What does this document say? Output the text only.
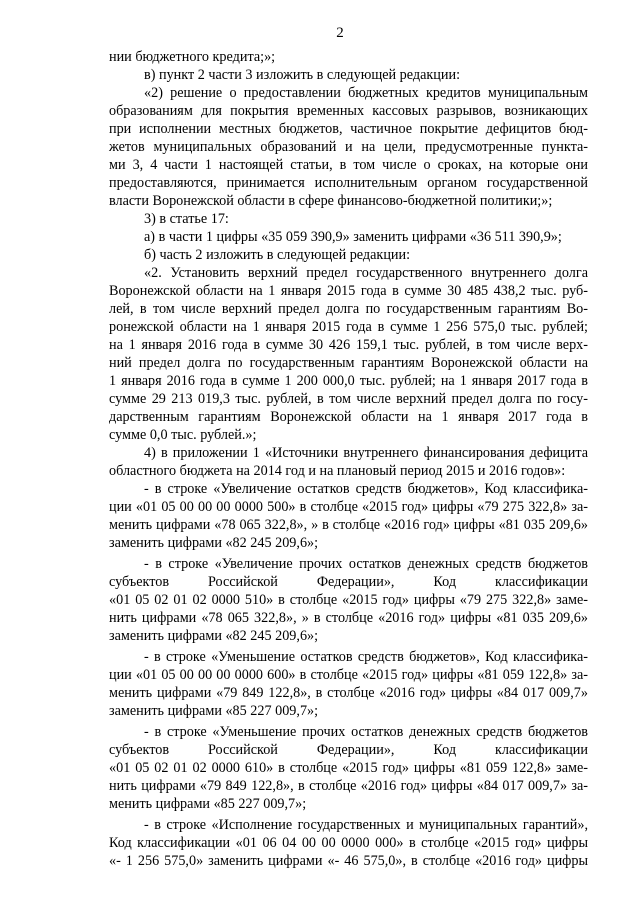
2
нии бюджетного кредита;»;
в) пункт 2 части 3 изложить в следующей редакции:
«2) решение о предоставлении бюджетных кредитов муниципальным
образованиям для покрытия временных кассовых разрывов, возникающих
при исполнении местных бюджетов, частичное покрытие дефицитов бюд-
жетов муниципальных образований и на цели, предусмотренные пункта-
ми 3, 4 части 1 настоящей статьи, в том числе о сроках, на которые они
предоставляются, принимается исполнительным органом государственной
власти Воронежской области в сфере финансово-бюджетной политики;»;
3) в статье 17:
а) в части 1 цифры «35 059 390,9» заменить цифрами «36 511 390,9»;
б) часть 2 изложить в следующей редакции:
«2. Установить верхний предел государственного внутреннего долга
Воронежской области на 1 января 2015 года в сумме 30 485 438,2 тыс. руб-
лей, в том числе верхний предел долга по государственным гарантиям Во-
ронежской области на 1 января 2015 года в сумме 1 256 575,0 тыс. рублей;
на 1 января 2016 года в сумме 30 426 159,1 тыс. рублей, в том числе верх-
ний предел долга по государственным гарантиям Воронежской области на
1 января 2016 года в сумме 1 200 000,0 тыс. рублей; на 1 января 2017 года в
сумме 29 213 019,3 тыс. рублей, в том числе верхний предел долга по госу-
дарственным гарантиям Воронежской области на 1 января 2017 года в
сумме 0,0 тыс. рублей.»;
4) в приложении 1 «Источники внутреннего финансирования дефицита
областного бюджета на 2014 год и на плановый период 2015 и 2016 годов»:
- в строке «Увеличение остатков средств бюджетов», Код классифика-
ции «01 05 00 00 00 0000 500» в столбце «2015 год» цифры «79 275 322,8» за-
менить цифрами «78 065 322,8», » в столбце «2016 год» цифры «81 035 209,6»
заменить цифрами «82 245 209,6»;
- в строке «Увеличение прочих остатков денежных средств бюджетов
субъектов Российской Федерации», Код классификации
«01 05 02 01 02 0000 510» в столбце «2015 год» цифры «79 275 322,8» заме-
нить цифрами «78 065 322,8», » в столбце «2016 год» цифры «81 035 209,6»
заменить цифрами «82 245 209,6»;
- в строке «Уменьшение остатков средств бюджетов», Код классифика-
ции «01 05 00 00 00 0000 600» в столбце «2015 год» цифры «81 059 122,8» за-
менить цифрами «79 849 122,8», в столбце «2016 год» цифры «84 017 009,7»
заменить цифрами «85 227 009,7»;
- в строке «Уменьшение прочих остатков денежных средств бюджетов
субъектов Российской Федерации», Код классификации
«01 05 02 01 02 0000 610» в столбце «2015 год» цифры «81 059 122,8» заме-
нить цифрами «79 849 122,8», в столбце «2016 год» цифры «84 017 009,7» за-
менить цифрами «85 227 009,7»;
- в строке «Исполнение государственных и муниципальных гарантий»,
Код классификации «01 06 04 00 00 0000 000» в столбце «2015 год» цифры
«- 1 256 575,0» заменить цифрами «- 46 575,0», в столбце «2016 год» цифры
